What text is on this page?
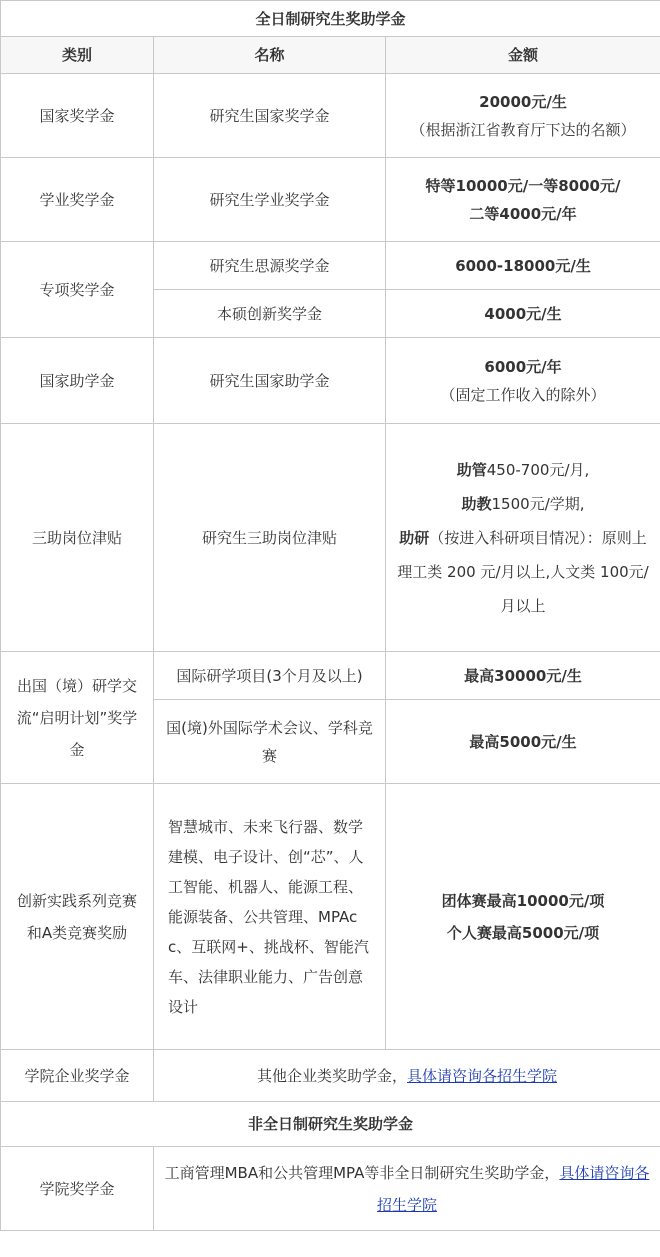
全日制研究生奖助学金		
类别	名称	金额
国家奖学金	研究生国家奖学金	20000元/生
（根据浙江省教育厅下达的名额）

学业奖学金	研究生学业奖学金	特等10000元/一等8000元/
二等4000元/年

专项奖学金	研究生思源奖学金	6000-18000元/生
	本硕创新奖学金	4000元/生
国家助学金	研究生国家助学金	6000元/年
（固定工作收入的除外）

三助岗位津贴	研究生三助岗位津贴	助管450-700元/月,
助教1500元/学期,
助研（按进入科研项目情况）：原则上
理工类 200 元/月以上,人文类 100元/月以上

出国（境）研学交流“启明计划”奖学金	国际研学项目(3个月及以上)	最高30000元/生
	国(境)外国际学术会议、学科竞赛	最高5000元/生
创新实践系列竞赛和A类竞赛奖励	智慧城市、未来飞行器、数学建模、电子设计、创“芯”、人工智能、机器人、能源工程、能源装备、公共管理、MPAcc、互联网+、挑战杯、智能汽车、法律职业能力、广告创意设计	团体赛最高10000元/项
个人赛最高5000元/项

学院企业奖学金	其他企业类奖助学金，具体请咨询各招生学院	
非全日制研究生奖助学金		
学院奖学金	工商管理MBA和公共管理MPA等非全日制研究生奖助学金，具体请咨询各招生学院	
